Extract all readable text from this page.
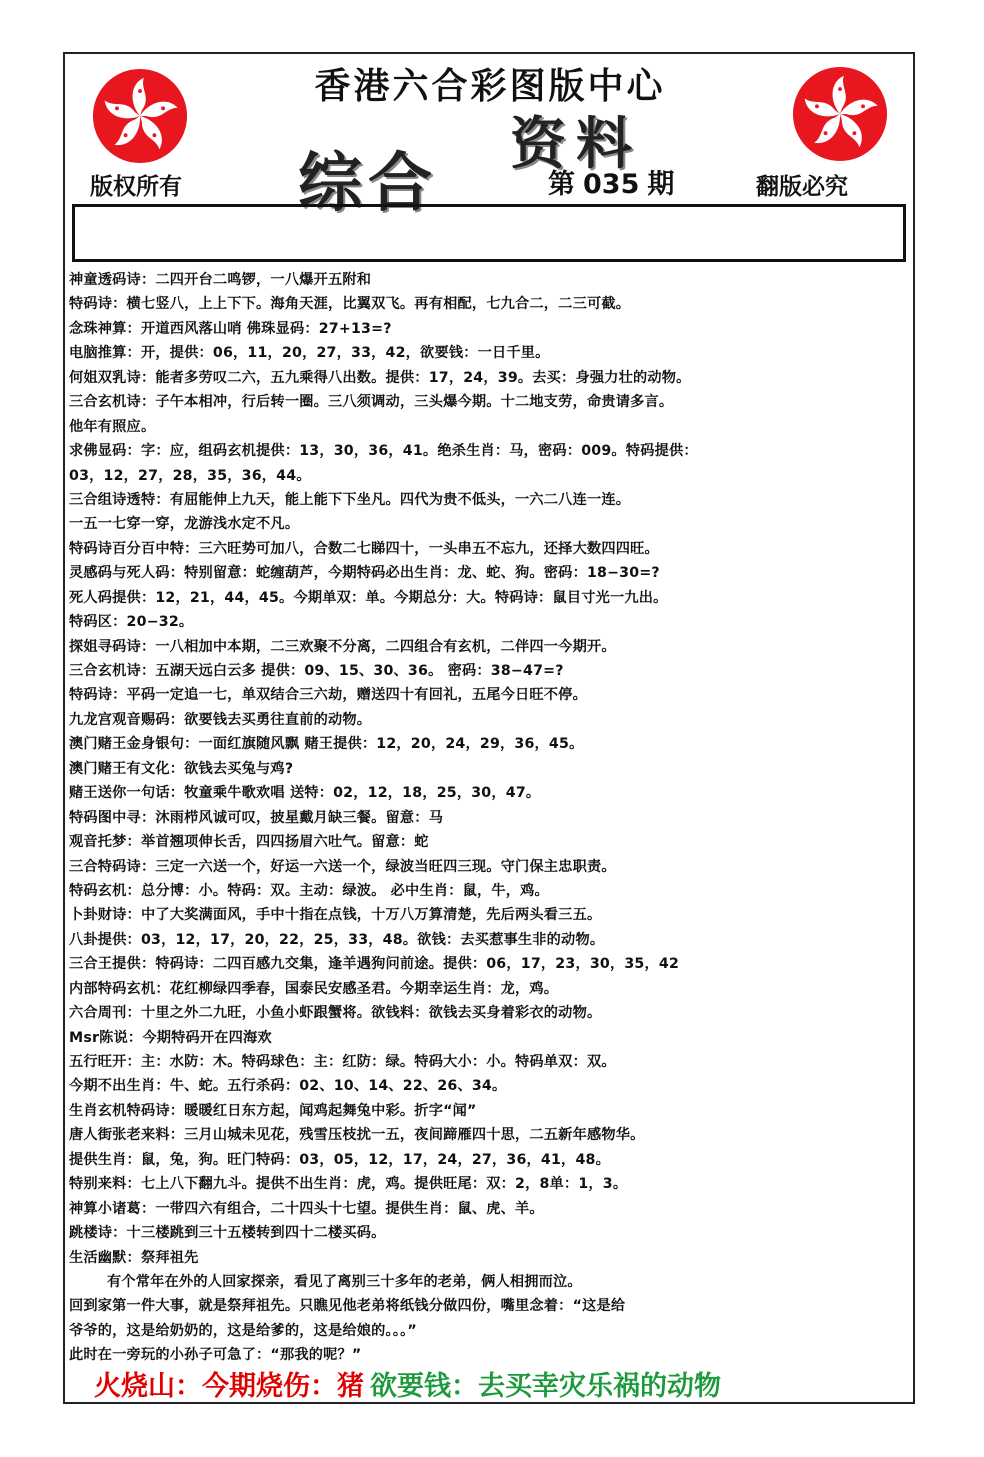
香港六合彩图版中心
综合
资料
版权所有	翻版必究
第 035 期
神童透码诗：二四开台二鸣锣，一八爆开五附和
特码诗：横七竖八，上上下下。海角天涯，比翼双飞。再有相配，七九合二，二三可截。
念珠神算：开道西风落山哨 佛珠显码：27+13=?
电脑推算：开，提供：06，11，20，27，33，42，欲要钱：一日千里。
何姐双乳诗：能者多劳叹二六，五九乘得八出数。提供：17，24，39。去买：身强力壮的动物。
三合玄机诗：子午本相冲，行后转一圈。三八须调动，三头爆今期。十二地支劳，命贵请多言。
他年有照应。
求佛显码：字：应，组码玄机提供：13，30，36，41。绝杀生肖：马，密码：009。特码提供：
03，12，27，28，35，36，44。
三合组诗透特：有屈能伸上九天，能上能下下坐凡。四代为贵不低头，一六二八连一连。
一五一七穿一穿，龙游浅水定不凡。
特码诗百分百中特：三六旺势可加八，合数二七睇四十，一头串五不忘九，还择大数四四旺。
灵感码与死人码：特别留意：蛇缠葫芦，今期特码必出生肖：龙、蛇、狗。密码：18−30=?
死人码提供：12，21，44，45。今期单双：单。今期总分：大。特码诗：鼠目寸光一九出。
特码区：20−32。
探姐寻码诗：一八相加中本期，二三欢聚不分离，二四组合有玄机，二伴四一今期开。
三合玄机诗：五湖天远白云多 提供：09、15、30、36。 密码：38−47=?
特码诗：平码一定追一七，单双结合三六劫，赠送四十有回礼，五尾今日旺不停。
九龙宫观音赐码：欲要钱去买勇往直前的动物。
澳门赌王金身银句：一面红旗随风飘 赌王提供：12，20，24，29，36，45。
澳门赌王有文化：欲钱去买兔与鸡?
赌王送你一句话：牧童乘牛歌欢唱 送特：02，12，18，25，30，47。
特码图中寻：沐雨栉风诚可叹，披星戴月缺三餐。留意：马
观音托梦：举首翘项伸长舌，四四扬眉六吐气。留意：蛇
三合特码诗：三定一六送一个，好运一六送一个，绿波当旺四三现。守门保主忠职责。
特码玄机：总分博：小。特码：双。主动：绿波。 必中生肖：鼠，牛，鸡。
卜卦财诗：中了大奖满面风，手中十指在点钱，十万八万算清楚，先后两头看三五。
八卦提供：03，12，17，20，22，25，33，48。欲钱：去买惹事生非的动物。
三合王提供：特码诗：二四百感九交集，逢羊遇狗问前途。提供：06，17，23，30，35，42
内部特码玄机：花红柳绿四季春，国泰民安感圣君。今期幸运生肖：龙，鸡。
六合周刊：十里之外二九旺，小鱼小虾跟蟹将。欲钱料：欲钱去买身着彩衣的动物。
Msr陈说：今期特码开在四海欢
五行旺开：主：水防：木。特码球色：主：红防：绿。特码大小：小。特码单双：双。
今期不出生肖：牛、蛇。五行杀码：02、10、14、22、26、34。
生肖玄机特码诗：暖暖红日东方起，闻鸡起舞兔中彩。折字“闻”
唐人街张老来料：三月山城未见花，残雪压枝扰一五，夜间蹄雁四十思，二五新年感物华。
提供生肖：鼠，兔，狗。旺门特码：03，05，12，17，24，27，36，41，48。
特别来料：七上八下翻九斗。提供不出生肖：虎，鸡。提供旺尾：双：2，8单：1，3。
神算小诸葛：一带四六有组合，二十四头十七望。提供生肖：鼠、虎、羊。
跳楼诗：十三楼跳到三十五楼转到四十二楼买码。
生活幽默：祭拜祖先
有个常年在外的人回家探亲，看见了离别三十多年的老弟，俩人相拥而泣。
回到家第一件大事，就是祭拜祖先。只瞧见他老弟将纸钱分做四份，嘴里念着：“这是给
爷爷的，这是给奶奶的，这是给爹的，这是给娘的。。。”
此时在一旁玩的小孙子可急了：“那我的呢？”
火烧山：今期烧伤：猪 欲要钱：去买幸灾乐祸的动物
